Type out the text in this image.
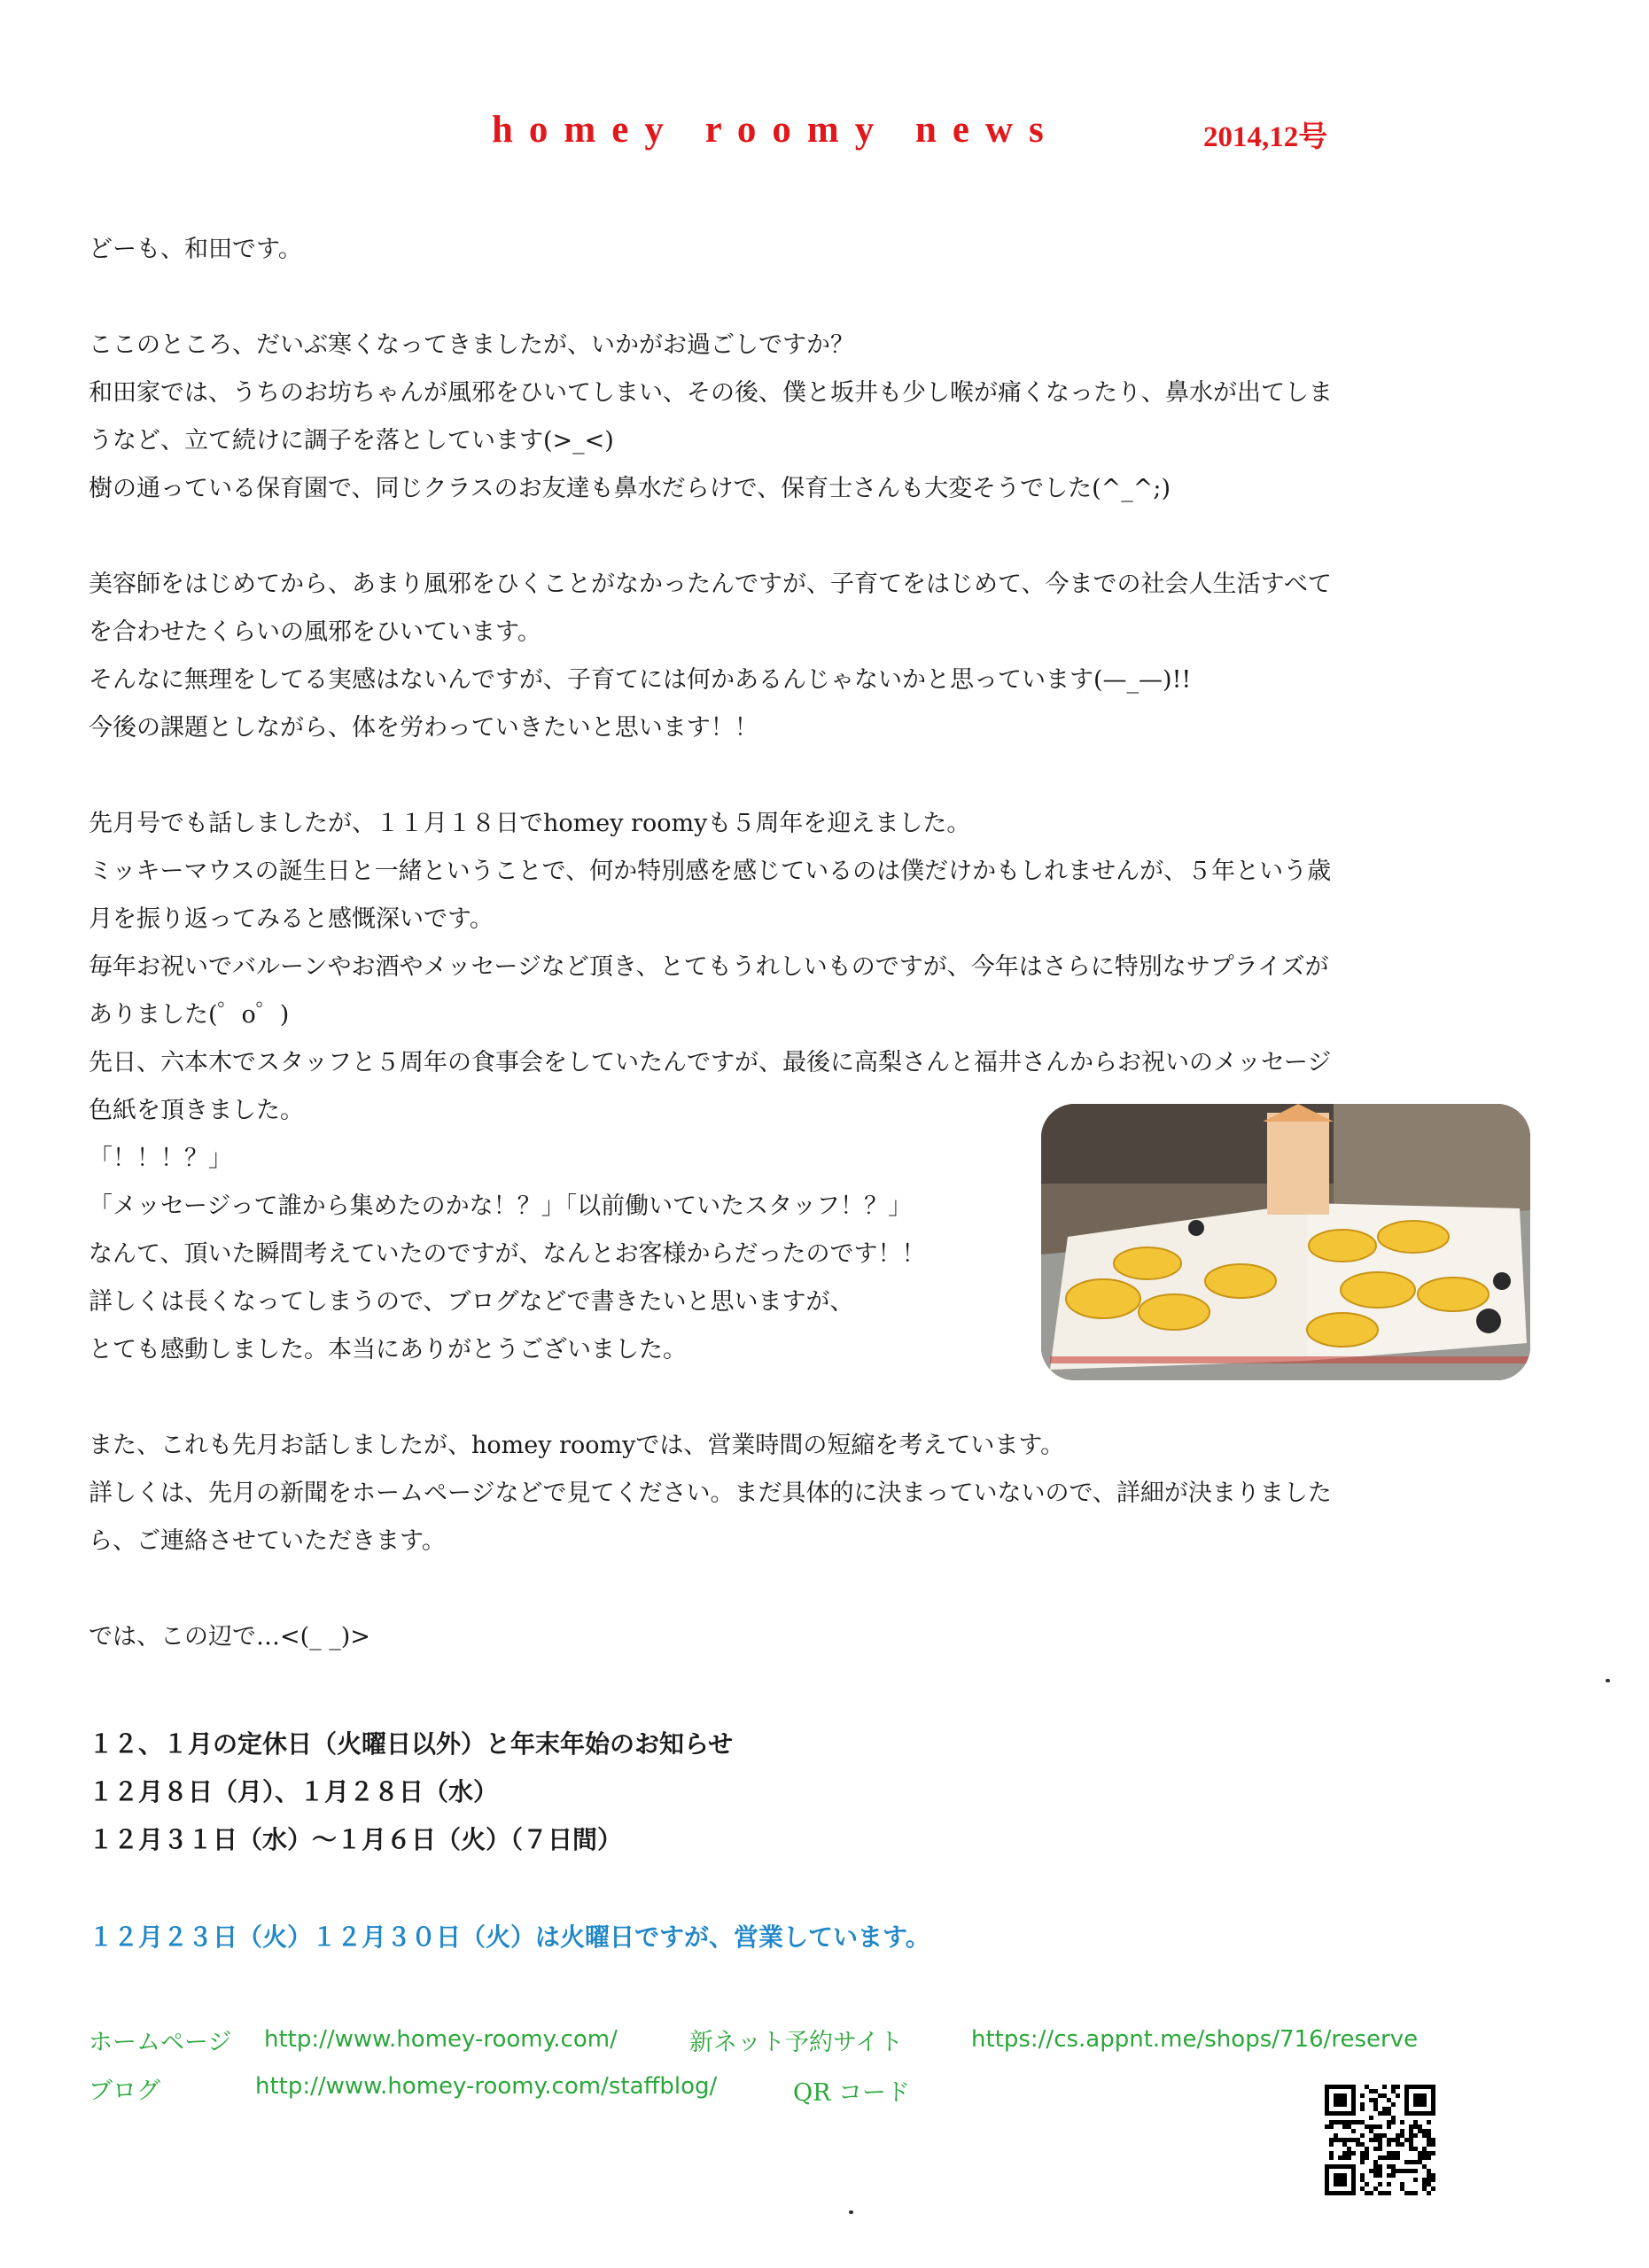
homey roomy news	2014,12号
どーも、和田です。

ここのところ、だいぶ寒くなってきましたが、いかがお過ごしですか？
和田家では、うちのお坊ちゃんが風邪をひいてしまい、その後、僕と坂井も少し喉が痛くなったり、鼻水が出てしま
うなど、立て続けに調子を落としています(>_<)
樹の通っている保育園で、同じクラスのお友達も鼻水だらけで、保育士さんも大変そうでした(^_^;)

美容師をはじめてから、あまり風邪をひくことがなかったんですが、子育てをはじめて、今までの社会人生活すべて
を合わせたくらいの風邪をひいています。
そんなに無理をしてる実感はないんですが、子育てには何かあるんじゃないかと思っています(—_—)!!
今後の課題としながら、体を労わっていきたいと思います！！

先月号でも話しましたが、１１月１８日でhomey roomyも５周年を迎えました。
ミッキーマウスの誕生日と一緒ということで、何か特別感を感じているのは僕だけかもしれませんが、５年という歳
月を振り返ってみると感慨深いです。
毎年お祝いでバルーンやお酒やメッセージなど頂き、とてもうれしいものですが、今年はさらに特別なサプライズが
ありました(゜o゜)
先日、六本木でスタッフと５周年の食事会をしていたんですが、最後に高梨さんと福井さんからお祝いのメッセージ
色紙を頂きました。
「！！！？」
「メッセージって誰から集めたのかな！？」「以前働いていたスタッフ！？」
なんて、頂いた瞬間考えていたのですが、なんとお客様からだったのです！！
詳しくは長くなってしまうので、ブログなどで書きたいと思いますが、
とても感動しました。本当にありがとうございました。

また、これも先月お話しましたが、homey roomyでは、営業時間の短縮を考えています。
詳しくは、先月の新聞をホームページなどで見てください。まだ具体的に決まっていないので、詳細が決まりました
ら、ご連絡させていただきます。

では、この辺で…<(_ _)>
１２、１月の定休日（火曜日以外）と年末年始のお知らせ
１２月８日（月）、１月２８日（水）
１２月３１日（水）～１月６日（火）（７日間）
１２月２３日（火）１２月３０日（火）は火曜日ですが、営業しています。
ホームページ http://www.homey-roomy.com/	新ネット予約サイト	https://cs.appnt.me/shops/716/reserve
ブログ	http://www.homey-roomy.com/staffblog/	QR コード
